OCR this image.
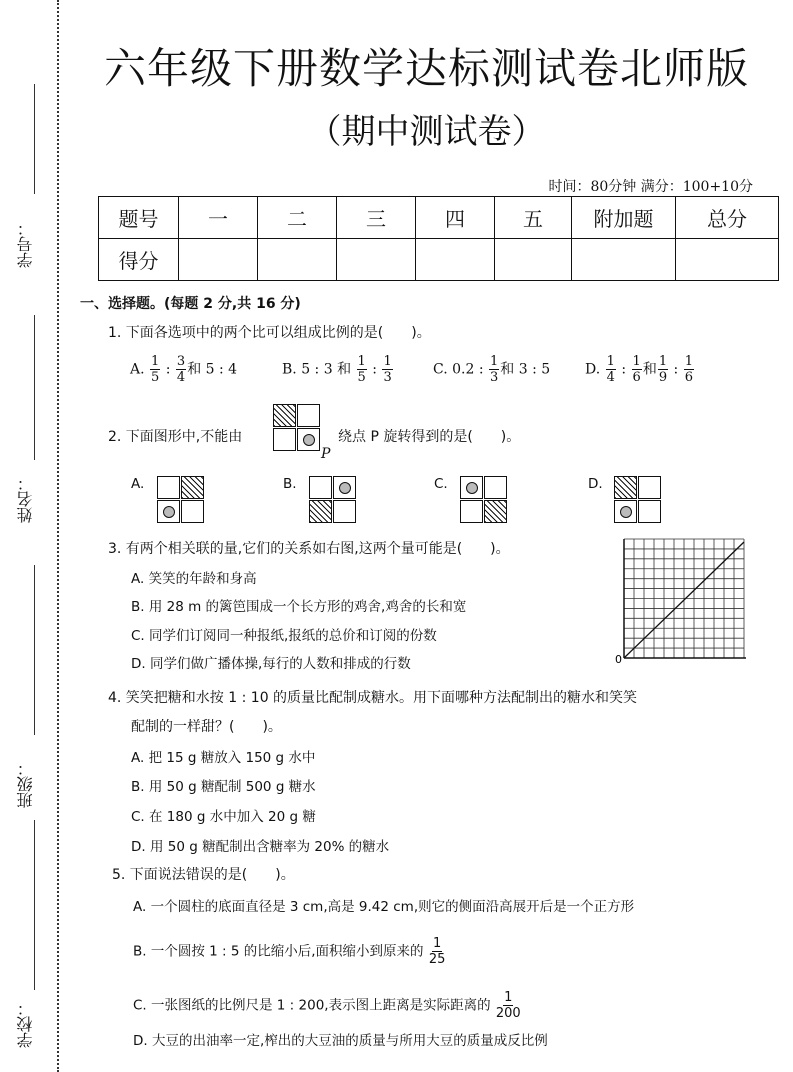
学号：
姓名：
班级：
学校：
六年级下册数学达标测试卷北师版
（期中测试卷）
时间：80分钟 满分：100+10分
题号	一	二	三	四	五	附加题	总分
得分							
一、选择题。(每题 2 分,共 16 分)
1. 下面各选项中的两个比可以组成比例的是(　　)。
A. $\frac{1}{5}$ : $\frac{3}{4}$ 和 5 : 4	B. 5 : 3 和 $\frac{1}{5}$ : $\frac{1}{3}$	C. 0.2 : $\frac{1}{3}$ 和 3 : 5 D. $\frac{1}{4}$ : $\frac{1}{6}$ 和 $\frac{1}{9}$ : $\frac{1}{6}$
2. 下面图形中,不能由
P
绕点 P 旋转得到的是(　　)。
A.	B.	C.	D.
3. 有两个相关联的量,它们的关系如右图,这两个量可能是(　　)。
A. 笑笑的年龄和身高
B. 用 28 m 的篱笆围成一个长方形的鸡舍,鸡舍的长和宽
C. 同学们订阅同一种报纸,报纸的总价和订阅的份数
D. 同学们做广播体操,每行的人数和排成的行数	0
4. 笑笑把糖和水按 1 : 10 的质量比配制成糖水。用下面哪种方法配制出的糖水和笑笑
配制的一样甜？(　　)。
A. 把 15 g 糖放入 150 g 水中
B. 用 50 g 糖配制 500 g 糖水
C. 在 180 g 水中加入 20 g 糖
D. 用 50 g 糖配制出含糖率为 20% 的糖水
5. 下面说法错误的是(　　)。
A. 一个圆柱的底面直径是 3 cm,高是 9.42 cm,则它的侧面沿高展开后是一个正方形
B. 一个圆按 1 : 5 的比缩小后,面积缩小到原来的 $\frac{1}{25}$
C. 一张图纸的比例尺是 1 : 200,表示图上距离是实际距离的 $\frac{1}{200}$
D. 大豆的出油率一定,榨出的大豆油的质量与所用大豆的质量成反比例
